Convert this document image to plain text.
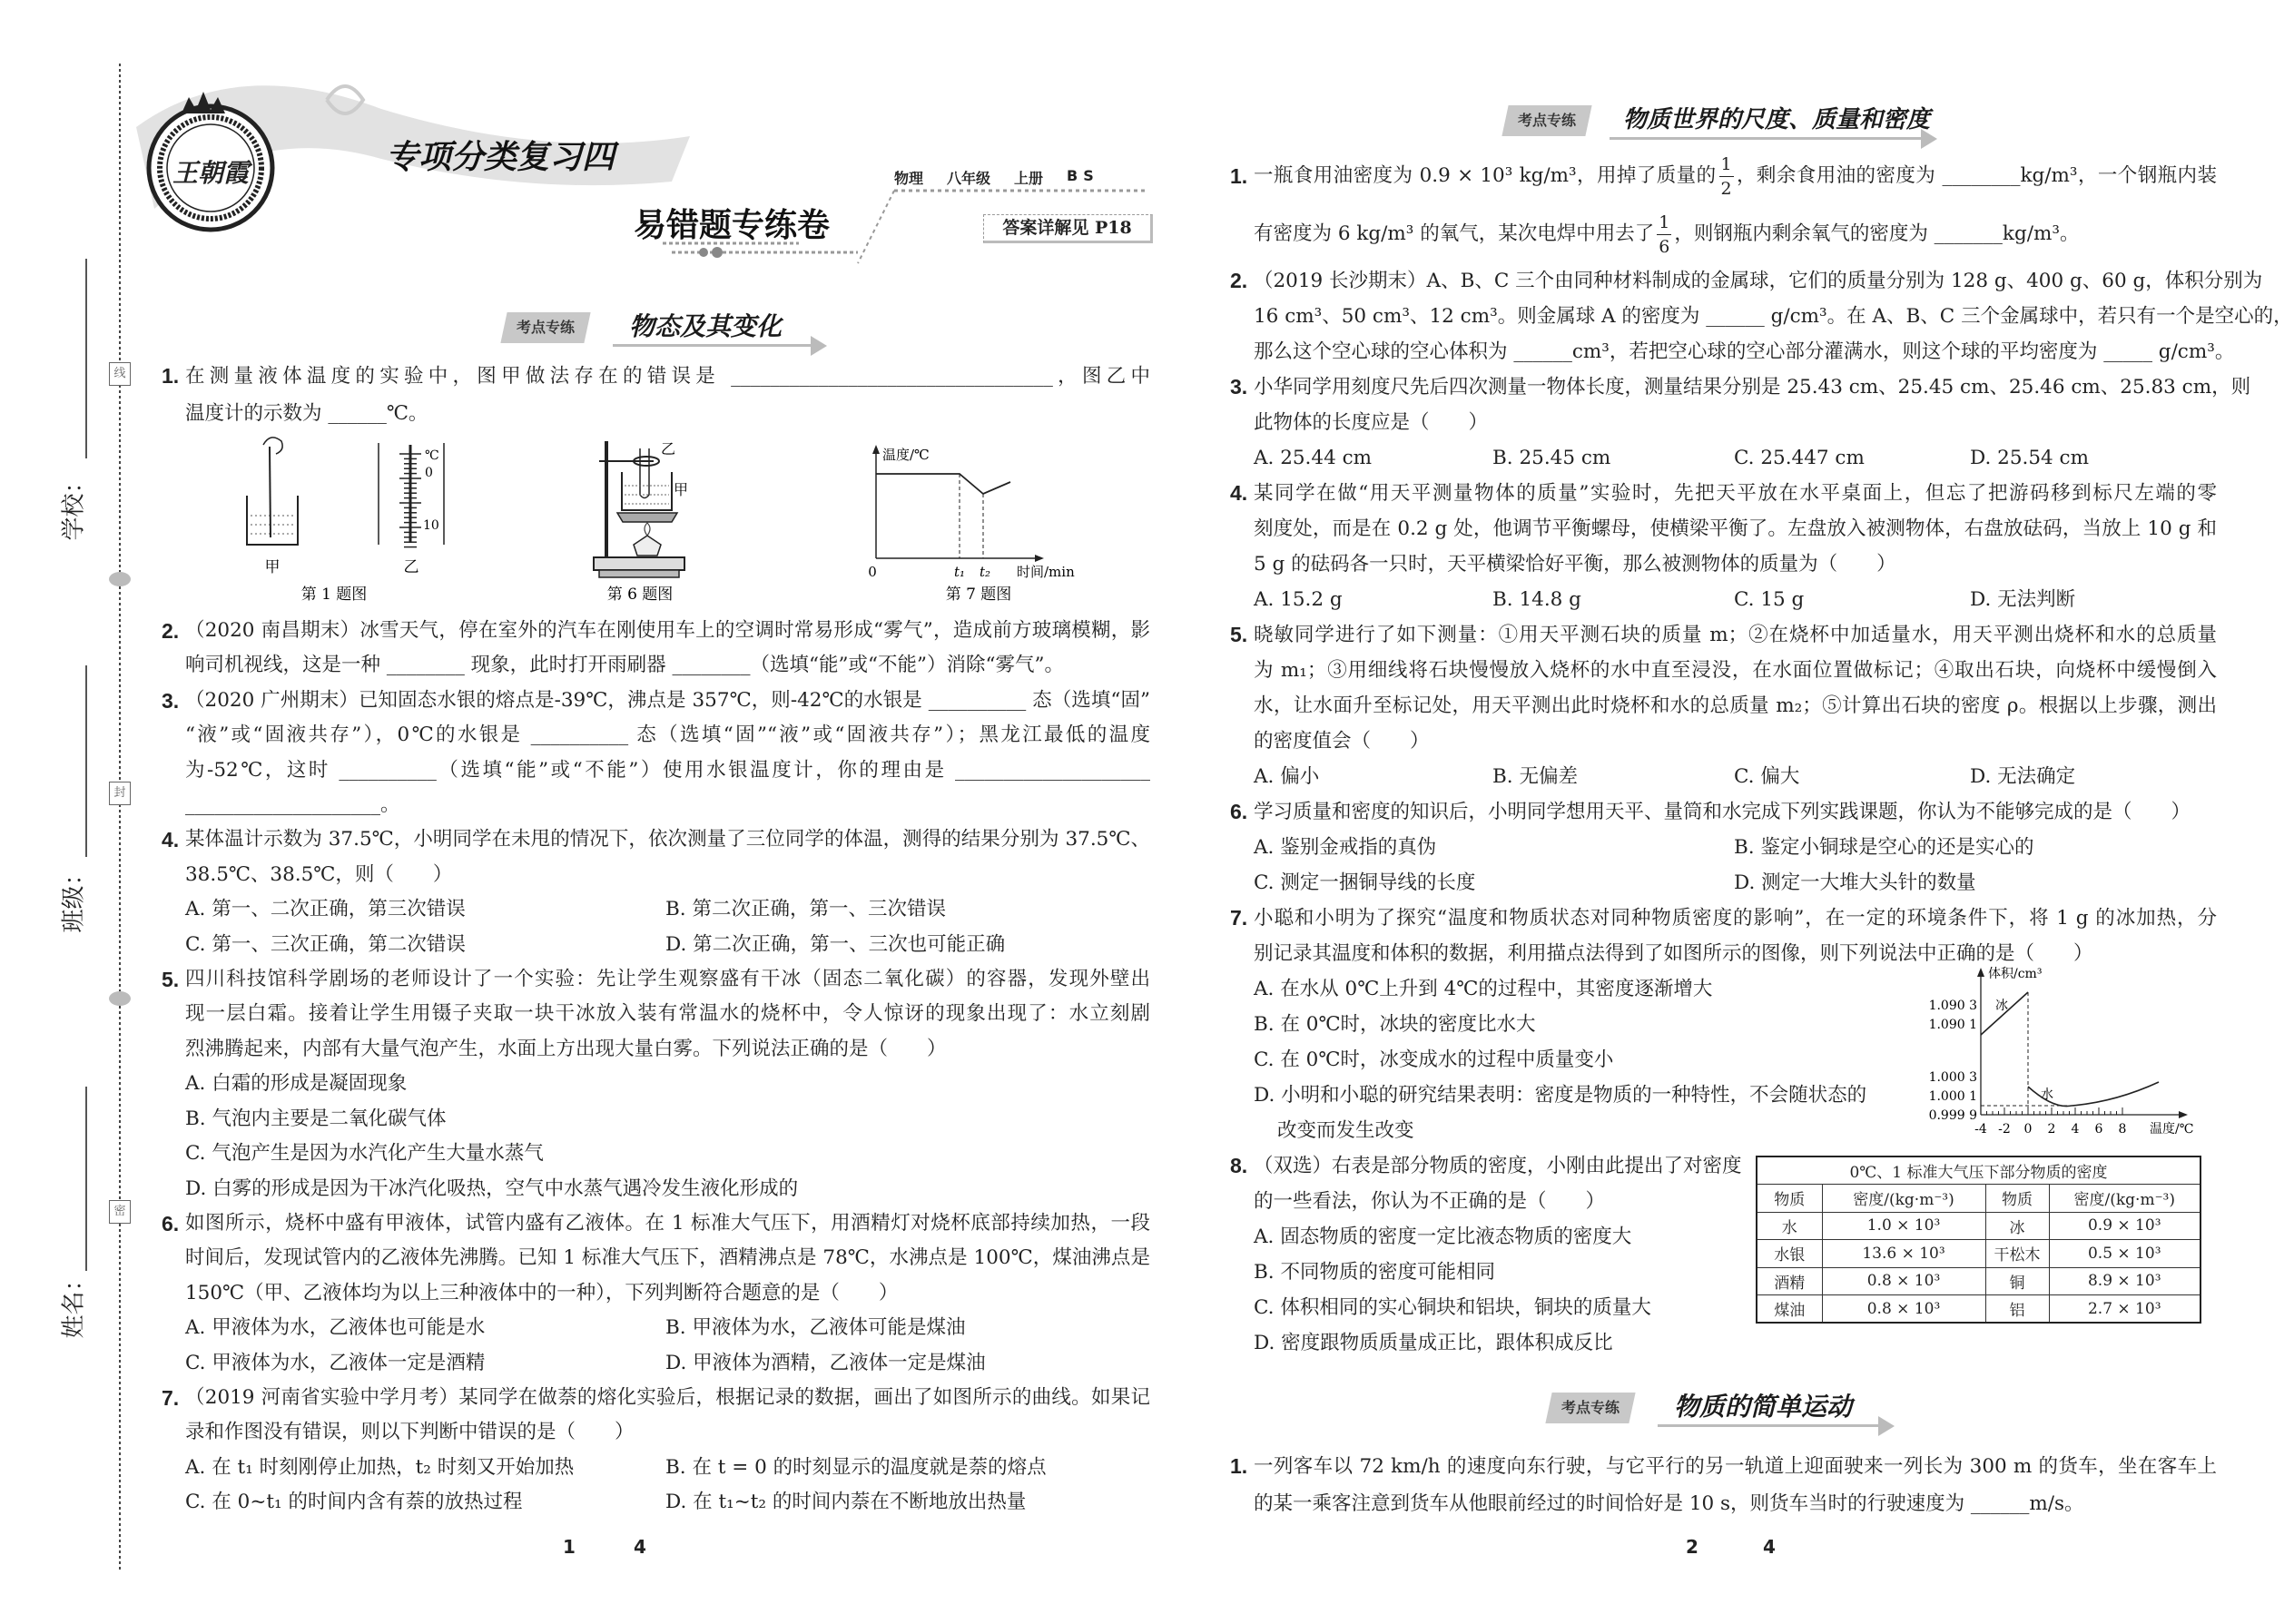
王朝霞
甲
℃
0
10
乙
第 1 题图
乙
甲
第 6 题图
温度/℃
0	t₁ t₂ 时间/min
第 7 题图
体积/cm³
1.090 3
1.090 1
1.000 3
1.000 1
0.999 9
-4 -2 0 2 4 6 8 温度/℃
冰
水
学校：
班级：
姓名：
线
封
密
专项分类复习四
物理 八年级 上册 BS
易错题专练卷	答案详解见 P18
考点专练	物态及其变化
考点专练	物质世界的尺度、质量和密度
考点专练	物质的简单运动
1. 在测量液体温度的实验中，图甲做法存在的错误是 _________________________________，图乙中
温度计的示数为 ______℃。
2. （2020 南昌期末）冰雪天气，停在室外的汽车在刚使用车上的空调时常易形成“雾气”，造成前方玻璃模糊，影
响司机视线，这是一种 ________ 现象，此时打开雨刷器 ________（选填“能”或“不能”）消除“雾气”。
3. （2020 广州期末）已知固态水银的熔点是-39℃，沸点是 357℃，则-42℃的水银是 __________ 态（选填“固”
“液”或“固液共存”），0℃的水银是 __________ 态（选填“固”“液”或“固液共存”）；黑龙江最低的温度
为-52℃，这时 __________（选填“能”或“不能”）使用水银温度计，你的理由是 ____________________
____________________。
4. 某体温计示数为 37.5℃，小明同学在未甩的情况下，依次测量了三位同学的体温，测得的结果分别为 37.5℃、
38.5℃、38.5℃，则（　　）
A. 第一、二次正确，第三次错误	B. 第二次正确，第一、三次错误
C. 第一、三次正确，第二次错误	D. 第二次正确，第一、三次也可能正确
5. 四川科技馆科学剧场的老师设计了一个实验：先让学生观察盛有干冰（固态二氧化碳）的容器，发现外壁出
现一层白霜。接着让学生用镊子夹取一块干冰放入装有常温水的烧杯中，令人惊讶的现象出现了：水立刻剧
烈沸腾起来，内部有大量气泡产生，水面上方出现大量白雾。下列说法正确的是（　　）
A. 白霜的形成是凝固现象
B. 气泡内主要是二氧化碳气体
C. 气泡产生是因为水汽化产生大量水蒸气
D. 白雾的形成是因为干冰汽化吸热，空气中水蒸气遇冷发生液化形成的
6. 如图所示，烧杯中盛有甲液体，试管内盛有乙液体。在 1 标准大气压下，用酒精灯对烧杯底部持续加热，一段
时间后，发现试管内的乙液体先沸腾。已知 1 标准大气压下，酒精沸点是 78℃，水沸点是 100℃，煤油沸点是
150℃（甲、乙液体均为以上三种液体中的一种），下列判断符合题意的是（　　）
A. 甲液体为水，乙液体也可能是水	B. 甲液体为水，乙液体可能是煤油
C. 甲液体为水，乙液体一定是酒精	D. 甲液体为酒精，乙液体一定是煤油
7. （2019 河南省实验中学月考）某同学在做萘的熔化实验后，根据记录的数据，画出了如图所示的曲线。如果记
录和作图没有错误，则以下判断中错误的是（　　）
A. 在 t₁ 时刻刚停止加热，t₂ 时刻又开始加热	B. 在 t = 0 的时刻显示的温度就是萘的熔点
C. 在 0~t₁ 的时间内含有萘的放热过程	D. 在 t₁~t₂ 的时间内萘在不断地放出热量
1. 一瓶食用油密度为 0.9 × 10³ kg/m³，用掉了质量的 $\frac{1}{2}$ ，剩余食用油的密度为 ________kg/m³，一个钢瓶内装
有密度为 6 kg/m³ 的氧气，某次电焊中用去了 $\frac{1}{6}$ ，则钢瓶内剩余氧气的密度为 _______kg/m³。
2. （2019 长沙期末）A、B、C 三个由同种材料制成的金属球，它们的质量分别为 128 g、400 g、60 g，体积分别为
16 cm³、50 cm³、12 cm³。则金属球 A 的密度为 ______ g/cm³。在 A、B、C 三个金属球中，若只有一个是空心的，
那么这个空心球的空心体积为 ______cm³，若把空心球的空心部分灌满水，则这个球的平均密度为 _____ g/cm³。
3. 小华同学用刻度尺先后四次测量一物体长度，测量结果分别是 25.43 cm、25.45 cm、25.46 cm、25.83 cm，则
此物体的长度应是（　　）
A. 25.44 cm	B. 25.45 cm	C. 25.447 cm	D. 25.54 cm
4. 某同学在做“用天平测量物体的质量”实验时，先把天平放在水平桌面上，但忘了把游码移到标尺左端的零
刻度处，而是在 0.2 g 处，他调节平衡螺母，使横梁平衡了。左盘放入被测物体，右盘放砝码，当放上 10 g 和
5 g 的砝码各一只时，天平横梁恰好平衡，那么被测物体的质量为（　　）
A. 15.2 g	B. 14.8 g	C. 15 g	D. 无法判断
5. 晓敏同学进行了如下测量：①用天平测石块的质量 m；②在烧杯中加适量水，用天平测出烧杯和水的总质量
为 m₁；③用细线将石块慢慢放入烧杯的水中直至浸没，在水面位置做标记；④取出石块，向烧杯中缓慢倒入
水，让水面升至标记处，用天平测出此时烧杯和水的总质量 m₂；⑤计算出石块的密度 ρ。根据以上步骤，测出
的密度值会（　　）
A. 偏小	B. 无偏差	C. 偏大	D. 无法确定
6. 学习质量和密度的知识后，小明同学想用天平、量筒和水完成下列实践课题，你认为不能够完成的是（　　）
A. 鉴别金戒指的真伪	B. 鉴定小铜球是空心的还是实心的
C. 测定一捆铜导线的长度	D. 测定一大堆大头针的数量
7. 小聪和小明为了探究“温度和物质状态对同种物质密度的影响”，在一定的环境条件下，将 1 g 的冰加热，分
别记录其温度和体积的数据，利用描点法得到了如图所示的图像，则下列说法中正确的是（　　）
A. 在水从 0℃上升到 4℃的过程中，其密度逐渐增大
B. 在 0℃时，冰块的密度比水大
C. 在 0℃时，冰变成水的过程中质量变小
D. 小明和小聪的研究结果表明：密度是物质的一种特性，不会随状态的改变而发生改变
8. （双选）右表是部分物质的密度，小刚由此提出了对密度
的一些看法，你认为不正确的是（　　）
A. 固态物质的密度一定比液态物质的密度大
B. 不同物质的密度可能相同
C. 体积相同的实心铜块和铝块，铜块的质量大
D. 密度跟物质质量成正比，跟体积成反比
0℃、1 标准大气压下部分物质的密度			
物质	密度/(kg·m⁻³)	物质	密度/(kg·m⁻³)
水	1.0 × 10³	冰	0.9 × 10³
水银	13.6 × 10³	干松木	0.5 × 10³
酒精	0.8 × 10³	铜	8.9 × 10³
煤油	0.8 × 10³	铝	2.7 × 10³
1. 一列客车以 72 km/h 的速度向东行驶，与它平行的另一轨道上迎面驶来一列长为 300 m 的货车，坐在客车上
的某一乘客注意到货车从他眼前经过的时间恰好是 10 s，则货车当时的行驶速度为 ______m/s。
1	4	2	4
